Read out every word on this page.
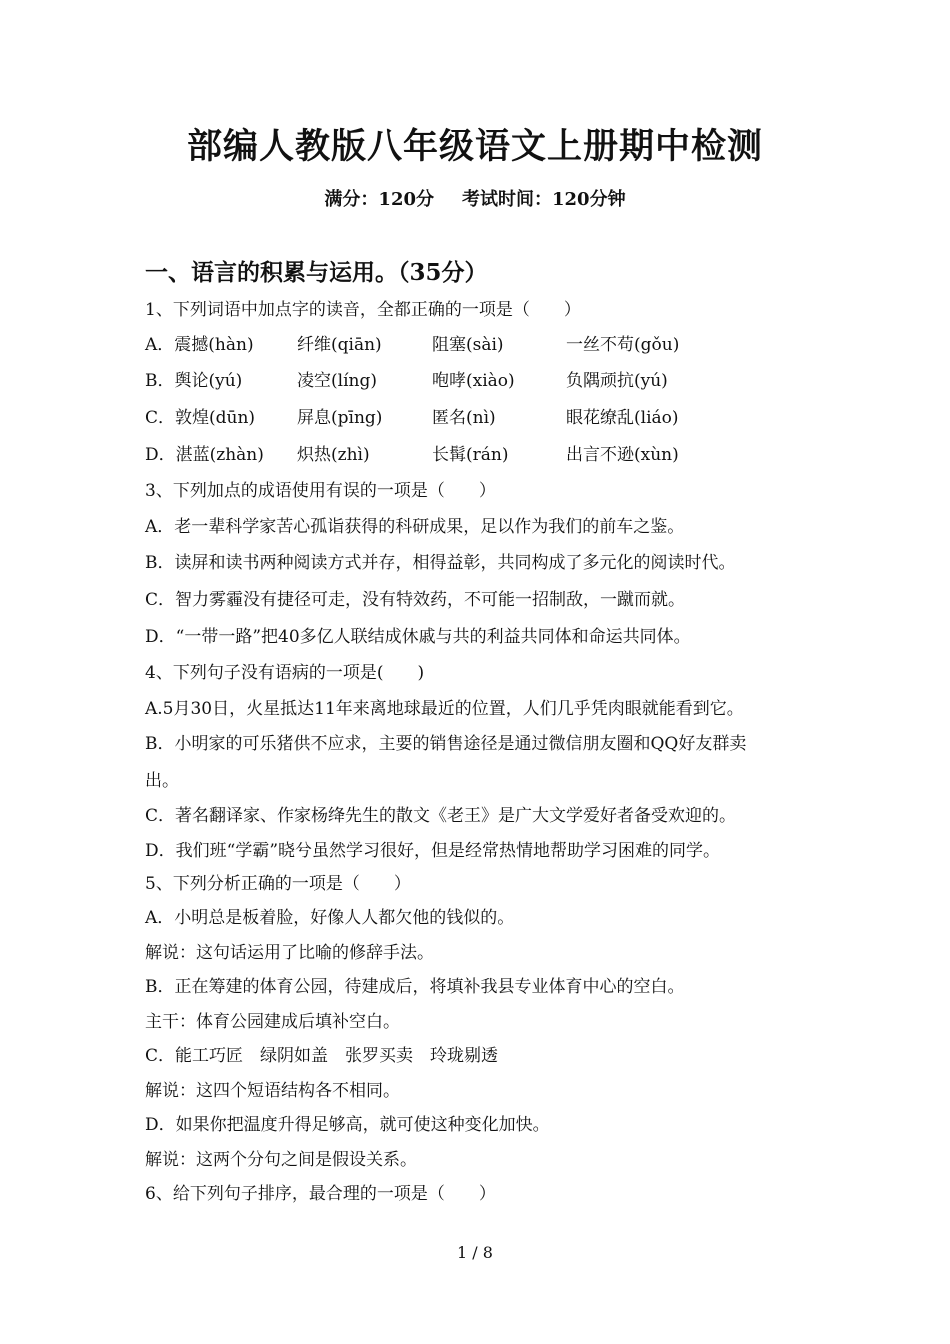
部编人教版八年级语文上册期中检测
满分：120分 考试时间：120分钟
一、语言的积累与运用。（35分）
1、下列词语中加点字的读音，全都正确的一项是（　　）
A．震撼(hàn)	纤维(qiān)	阻塞(sài)	一丝不苟(gǒu)
B．舆论(yú)	凌空(líng)	咆哮(xiào)	负隅顽抗(yú)
C．敦煌(dūn) 屏息(pīng)	匿名(nì)	眼花缭乱(liáo)
D．湛蓝(zhàn) 炽热(zhì)	长髯(rán)	出言不逊(xùn)
3、下列加点的成语使用有误的一项是（　　）
A．老一辈科学家苦心孤诣获得的科研成果，足以作为我们的前车之鉴。
B．读屏和读书两种阅读方式并存，相得益彰，共同构成了多元化的阅读时代。
C．智力雾霾没有捷径可走，没有特效药，不可能一招制敌，一蹴而就。
D．“一带一路”把40多亿人联结成休戚与共的利益共同体和命运共同体。
4、下列句子没有语病的一项是(　　)
A.5月30日，火星抵达11年来离地球最近的位置，人们几乎凭肉眼就能看到它。
B．小明家的可乐猪供不应求，主要的销售途径是通过微信朋友圈和QQ好友群卖
出。
C．著名翻译家、作家杨绛先生的散文《老王》是广大文学爱好者备受欢迎的。
D．我们班“学霸”晓兮虽然学习很好，但是经常热情地帮助学习困难的同学。
5、下列分析正确的一项是（　　）
A．小明总是板着脸，好像人人都欠他的钱似的。
解说：这句话运用了比喻的修辞手法。
B．正在筹建的体育公园，待建成后，将填补我县专业体育中心的空白。
主干：体育公园建成后填补空白。
C．能工巧匠　绿阴如盖　张罗买卖　玲珑剔透
解说：这四个短语结构各不相同。
D．如果你把温度升得足够高，就可使这种变化加快。
解说：这两个分句之间是假设关系。
6、给下列句子排序，最合理的一项是（　　）
1 / 8
